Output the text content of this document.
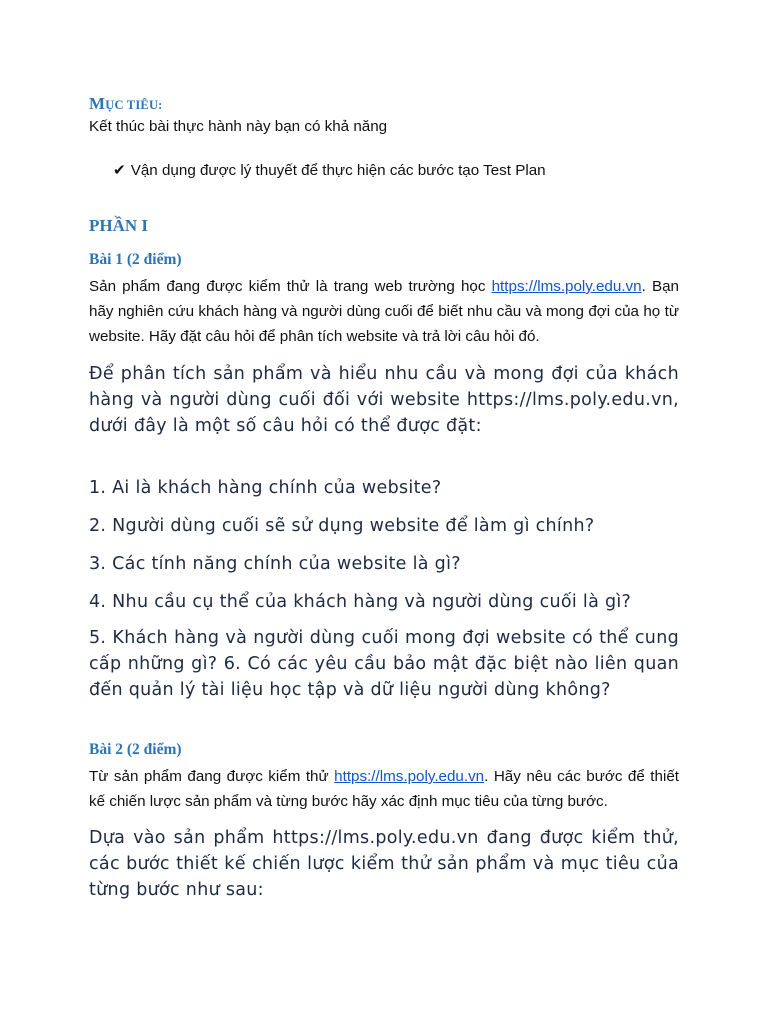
MỤC TIÊU:
Kết thúc bài thực hành này bạn có khả năng
✔ Vận dụng được lý thuyết để thực hiện các bước tạo Test Plan
PHẦN I
Bài 1 (2 điểm)
Sản phẩm đang được kiểm thử là trang web trường học https://lms.poly.edu.vn. Bạn hãy nghiên cứu khách hàng và người dùng cuối để biết nhu cầu và mong đợi của họ từ website. Hãy đặt câu hỏi để phân tích website và trả lời câu hỏi đó.
Để phân tích sản phẩm và hiểu nhu cầu và mong đợi của khách hàng và người dùng cuối đối với website https://lms.poly.edu.vn, dưới đây là một số câu hỏi có thể được đặt:
1. Ai là khách hàng chính của website?
2. Người dùng cuối sẽ sử dụng website để làm gì chính?
3. Các tính năng chính của website là gì?
4. Nhu cầu cụ thể của khách hàng và người dùng cuối là gì?
5. Khách hàng và người dùng cuối mong đợi website có thể cung cấp những gì? 6. Có các yêu cầu bảo mật đặc biệt nào liên quan đến quản lý tài liệu học tập và dữ liệu người dùng không?
Bài 2 (2 điểm)
Từ sản phẩm đang được kiểm thử https://lms.poly.edu.vn. Hãy nêu các bước để thiết kế chiến lược sản phẩm và từng bước hãy xác định mục tiêu của từng bước.
Dựa vào sản phẩm https://lms.poly.edu.vn đang được kiểm thử, các bước thiết kế chiến lược kiểm thử sản phẩm và mục tiêu của từng bước như sau:
